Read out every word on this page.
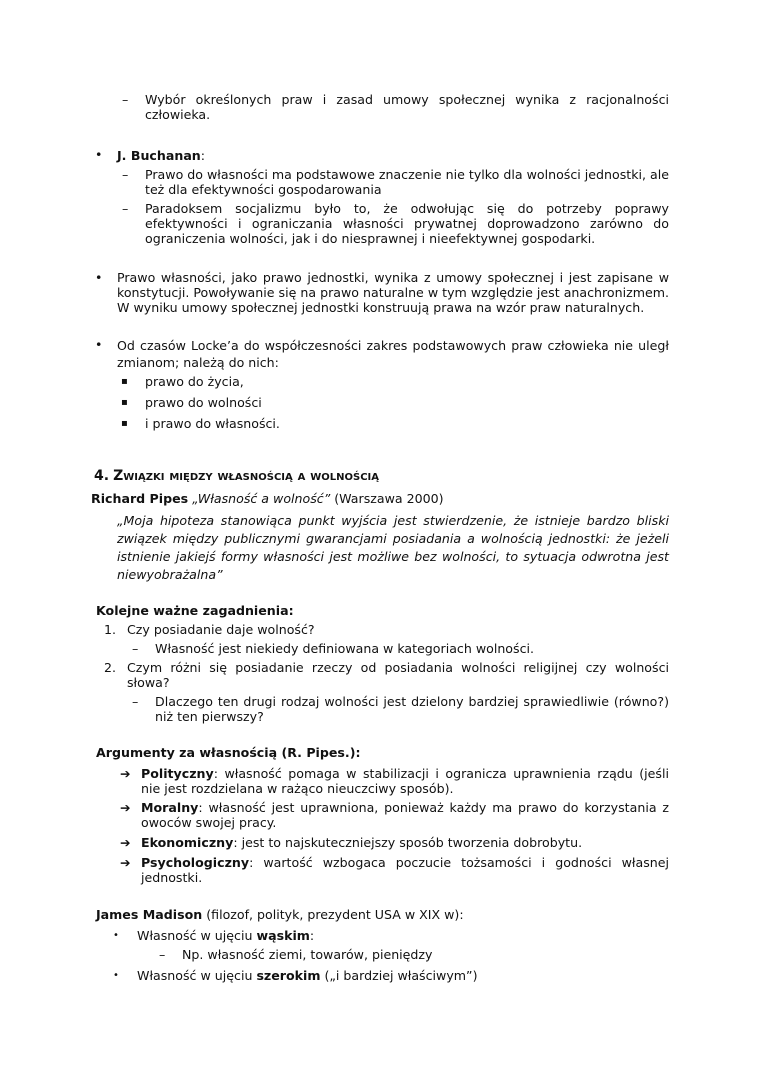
– Wybór określonych praw i zasad umowy społecznej wynika z racjonalności człowieka.
• J. Buchanan:
– Prawo do własności ma podstawowe znaczenie nie tylko dla wolności jednostki, ale też dla efektywności gospodarowania
– Paradoksem socjalizmu było to, że odwołując się do potrzeby poprawy efektywności i ograniczania własności prywatnej doprowadzono zarówno do ograniczenia wolności, jak i do niesprawnej i nieefektywnej gospodarki.
• Prawo własności, jako prawo jednostki, wynika z umowy społecznej i jest zapisane w konstytucji. Powoływanie się na prawo naturalne w tym względzie jest anachronizmem. W wyniku umowy społecznej jednostki konstruują prawa na wzór praw naturalnych.
• Od czasów Locke’a do współczesności zakres podstawowych praw człowieka nie uległ zmianom; należą do nich:
▪ prawo do życia,
▪ prawo do wolności
▪ i prawo do własności.
4. Związki między własnością a wolnością
Richard Pipes „Własność a wolność” (Warszawa 2000)
„Moja hipoteza stanowiąca punkt wyjścia jest stwierdzenie, że istnieje bardzo bliski związek między publicznymi gwarancjami posiadania a wolnością jednostki: że jeżeli istnienie jakiejś formy własności jest możliwe bez wolności, to sytuacja odwrotna jest niewyobrażalna”
Kolejne ważne zagadnienia:
1. Czy posiadanie daje wolność?
– Własność jest niekiedy definiowana w kategoriach wolności.
2. Czym różni się posiadanie rzeczy od posiadania wolności religijnej czy wolności słowa?
– Dlaczego ten drugi rodzaj wolności jest dzielony bardziej sprawiedliwie (równo?) niż ten pierwszy?
Argumenty za własnością (R. Pipes.):
➔ Polityczny: własność pomaga w stabilizacji i ogranicza uprawnienia rządu (jeśli nie jest rozdzielana w rażąco nieuczciwy sposób).
➔ Moralny: własność jest uprawniona, ponieważ każdy ma prawo do korzystania z owoców swojej pracy.
➔ Ekonomiczny: jest to najskuteczniejszy sposób tworzenia dobrobytu.
➔ Psychologiczny: wartość wzbogaca poczucie tożsamości i godności własnej jednostki.
James Madison (filozof, polityk, prezydent USA w XIX w):
• Własność w ujęciu wąskim:
– Np. własność ziemi, towarów, pieniędzy
• Własność w ujęciu szerokim („i bardziej właściwym”)
